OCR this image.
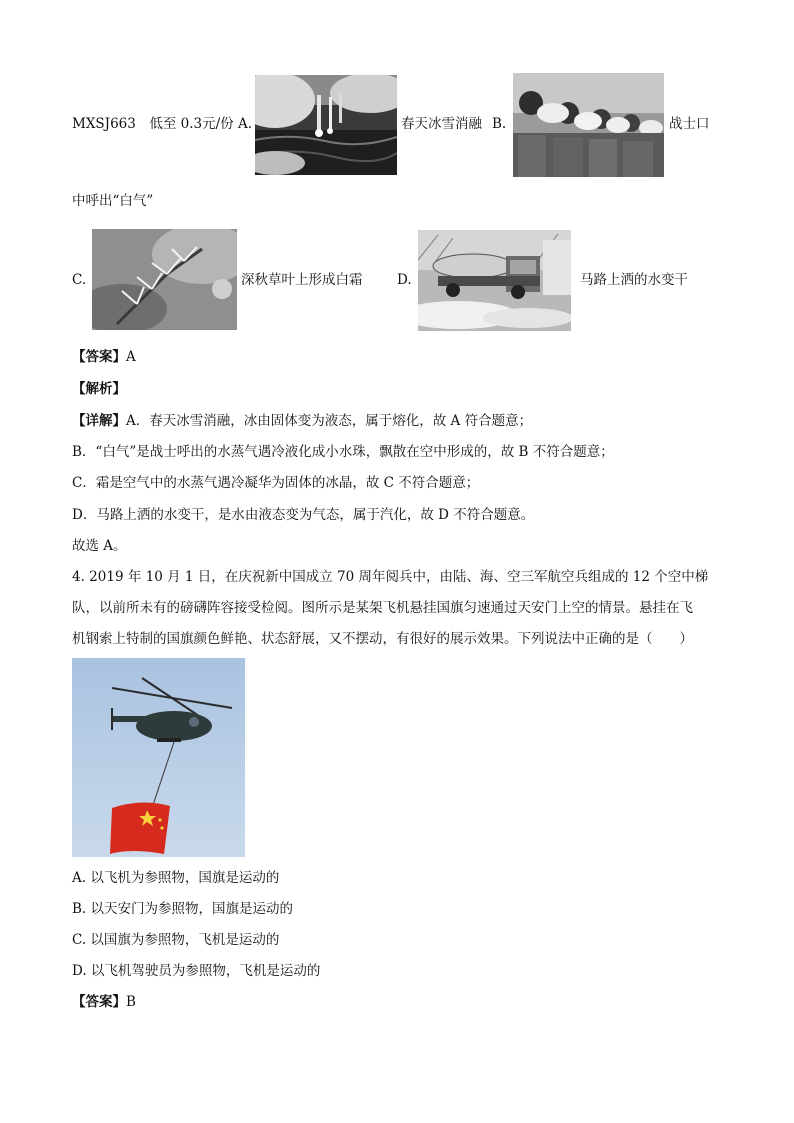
MXSJ663　低至 0.3元/份 A.	春天冰雪消融 B.	战士口
中呼出“白气”
C.	深秋草叶上形成白霜	D.	马路上洒的水变干
【答案】A
【解析】
【详解】A．春天冰雪消融，冰由固体变为液态，属于熔化，故 A 符合题意；
B．“白气”是战士呼出的水蒸气遇冷液化成小水珠，飘散在空中形成的，故 B 不符合题意；
C．霜是空气中的水蒸气遇冷凝华为固体的冰晶，故 C 不符合题意；
D．马路上洒的水变干，是水由液态变为气态，属于汽化，故 D 不符合题意。
故选 A。
4. 2019 年 10 月 1 日，在庆祝新中国成立 70 周年阅兵中，由陆、海、空三军航空兵组成的 12 个空中梯
队，以前所未有的磅礴阵容接受检阅。图所示是某架飞机悬挂国旗匀速通过天安门上空的情景。悬挂在飞
机钢索上特制的国旗颜色鲜艳、状态舒展，又不摆动，有很好的展示效果。下列说法中正确的是（　　）
A. 以飞机为参照物，国旗是运动的
B. 以天安门为参照物，国旗是运动的
C. 以国旗为参照物，飞机是运动的
D. 以飞机驾驶员为参照物，飞机是运动的
【答案】B
